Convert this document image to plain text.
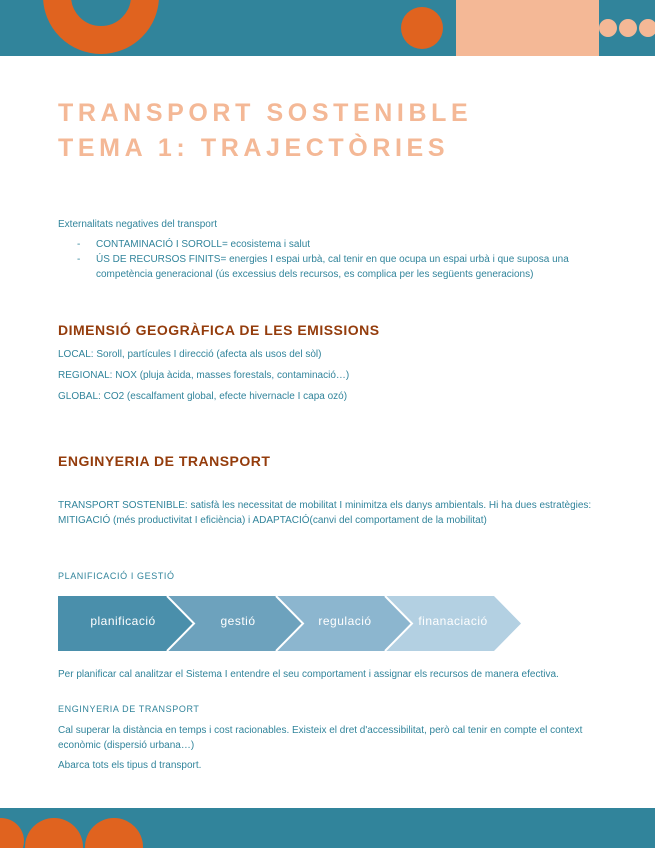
TRANSPORT SOSTENIBLE
TEMA 1: TRAJECTÒRIES

Externalitats negatives del transport

- CONTAMINACIÓ I SOROLL= ecosistema i salut
- ÚS DE RECURSOS FINITS= energies I espai urbà, cal tenir en que ocupa un espai urbà i que suposa una competència generacional (ús excessius dels recursos, es complica per les següents generacions)
DIMENSIÓ GEOGRÀFICA DE LES EMISSIONS

LOCAL: Soroll, partícules I direcció (afecta als usos del sòl)

REGIONAL: NOX (pluja àcida, masses forestals, contaminació…)

GLOBAL: CO2 (escalfament global, efecte hivernacle I capa ozó)

ENGINYERIA DE TRANSPORT

TRANSPORT SOSTENIBLE: satisfà les necessitat de mobilitat I minimitza els danys ambientals. Hi ha dues estratègies: MITIGACIÓ (més productivitat I eficiència) i ADAPTACIÓ(canvi del comportament de la mobilitat)

PLANIFICACIÓ I GESTIÓ

planificació	gestió	regulació	finanaciació

Per planificar cal analitzar el Sistema I entendre el seu comportament i assignar els recursos de manera efectiva.

ENGINYERIA DE TRANSPORT

Cal superar la distància en temps i cost racionables. Existeix el dret d'accessibilitat, però cal tenir en compte el context econòmic (dispersió urbana…)

Abarca tots els tipus d transport.
